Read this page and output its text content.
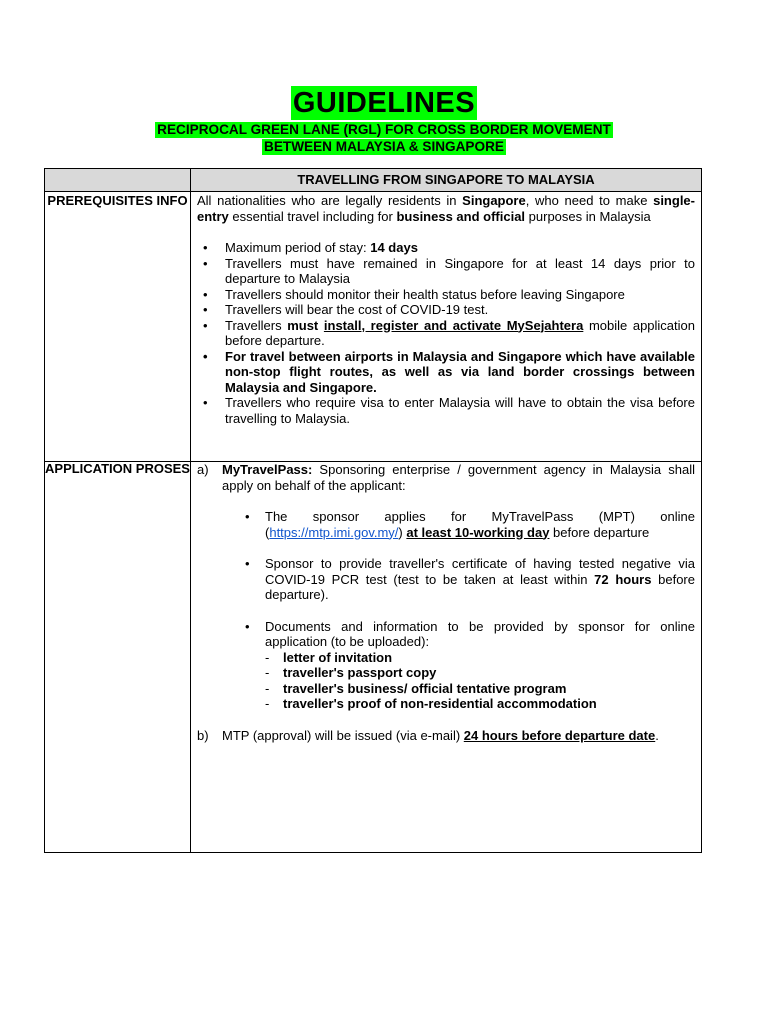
GUIDELINES
RECIPROCAL GREEN LANE (RGL) FOR CROSS BORDER MOVEMENT
BETWEEN MALAYSIA & SINGAPORE
TRAVELLING FROM SINGAPORE TO MALAYSIA
PREREQUISITES INFO
APPLICATION PROSES

All nationalities who are legally residents in Singapore, who need to make single-entry essential travel including for business and official purposes in Malaysia

• Maximum period of stay: 14 days
• Travellers must have remained in Singapore for at least 14 days prior to departure to Malaysia
• Travellers should monitor their health status before leaving Singapore
• Travellers will bear the cost of COVID-19 test.
• Travellers must install, register and activate MySejahtera mobile application before departure.
• For travel between airports in Malaysia and Singapore which have available non-stop flight routes, as well as via land border crossings between Malaysia and Singapore.
• Travellers who require visa to enter Malaysia will have to obtain the visa before travelling to Malaysia.
a) MyTravelPass: Sponsoring enterprise / government agency in Malaysia shall apply on behalf of the applicant:
• The sponsor applies for MyTravelPass (MPT) online (https://mtp.imi.gov.my/) at least 10-working day before departure
• Sponsor to provide traveller's certificate of having tested negative via COVID-19 PCR test (test to be taken at least within 72 hours before departure).
• Documents and information to be provided by sponsor for online application (to be uploaded):
- letter of invitation
- traveller's passport copy
- traveller's business/ official tentative program
- traveller's proof of non-residential accommodation
b) MTP (approval) will be issued (via e-mail) 24 hours before departure date.
